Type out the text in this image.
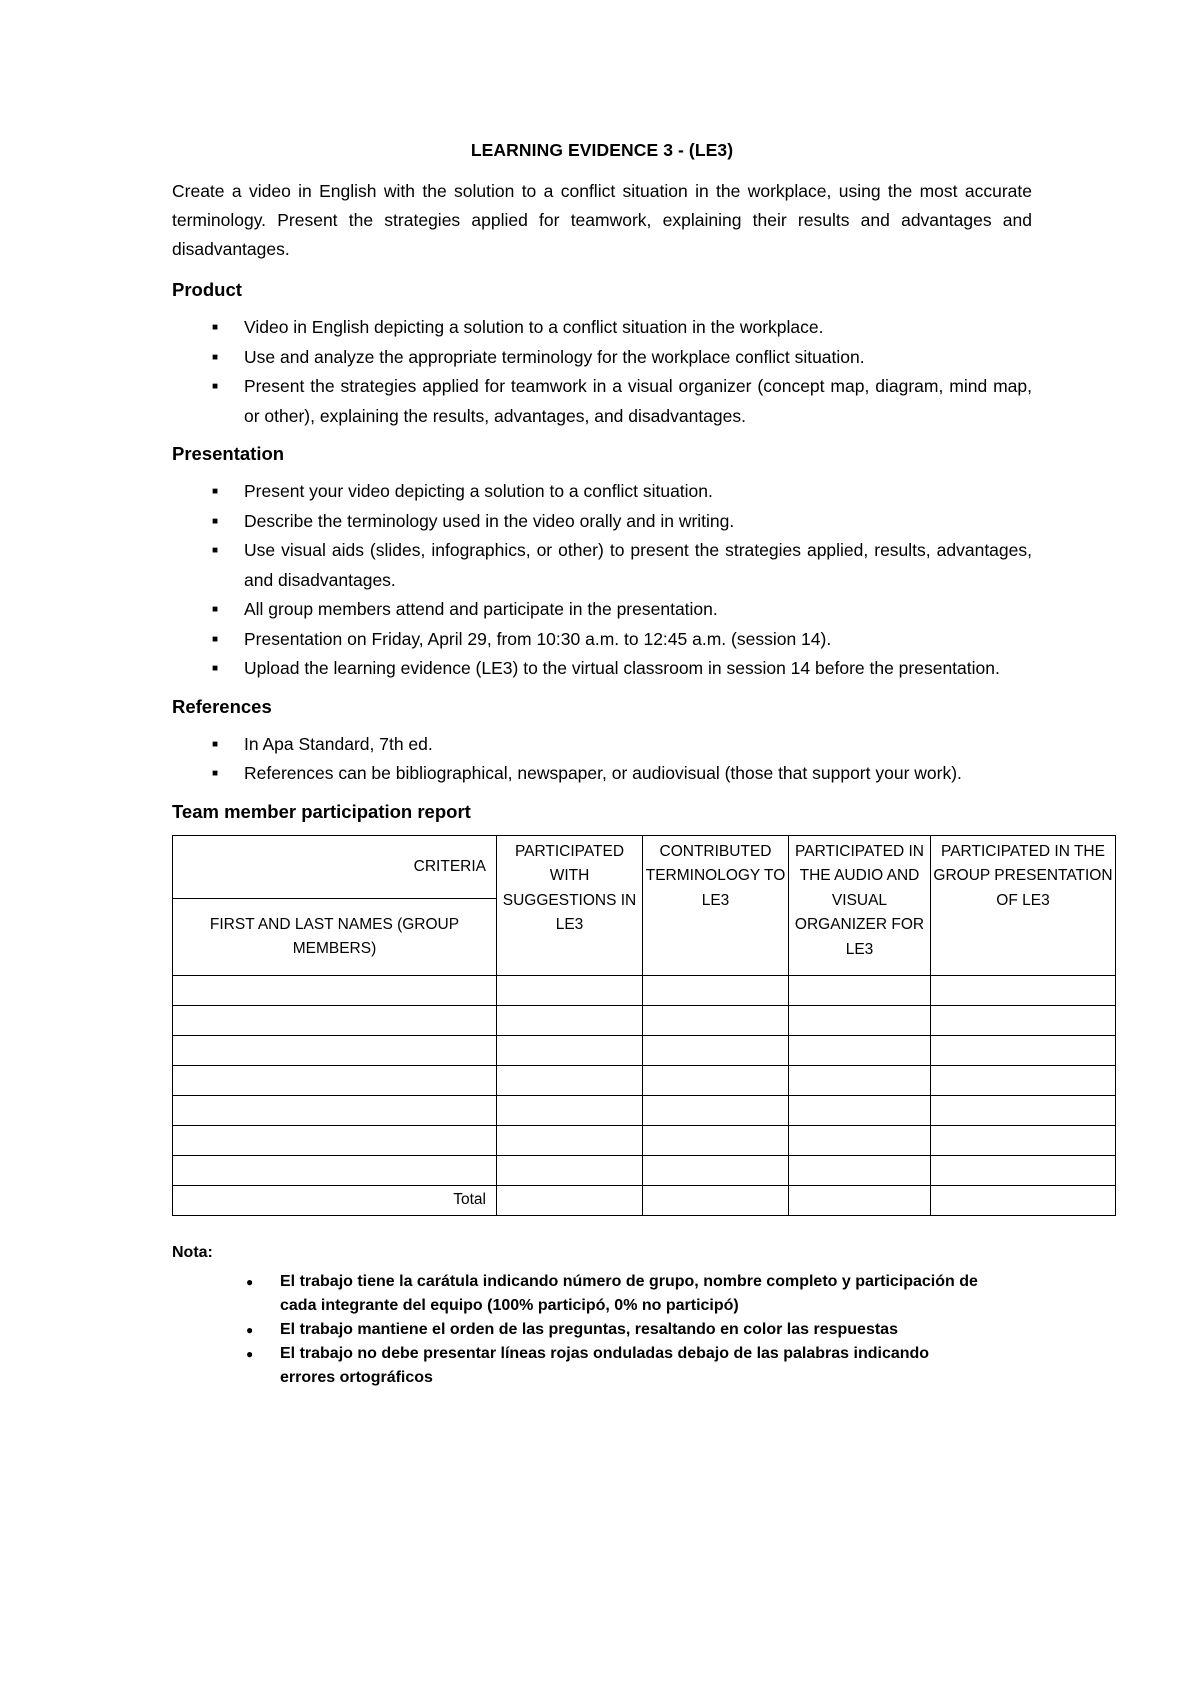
LEARNING EVIDENCE 3 - (LE3)

Create a video in English with the solution to a conflict situation in the workplace, using the most accurate terminology. Present the strategies applied for teamwork, explaining their results and advantages and disadvantages.

Product
■ Video in English depicting a solution to a conflict situation in the workplace.
■ Use and analyze the appropriate terminology for the workplace conflict situation.
■ Present the strategies applied for teamwork in a visual organizer (concept map, diagram, mind map, or other), explaining the results, advantages, and disadvantages.
Presentation
■ Present your video depicting a solution to a conflict situation.
■ Describe the terminology used in the video orally and in writing.
■ Use visual aids (slides, infographics, or other) to present the strategies applied, results, advantages, and disadvantages.
■ All group members attend and participate in the presentation.
■ Presentation on Friday, April 29, from 10:30 a.m. to 12:45 a.m. (session 14).
■ Upload the learning evidence (LE3) to the virtual classroom in session 14 before the presentation.
References
■ In Apa Standard, 7th ed.
■ References can be bibliographical, newspaper, or audiovisual (those that support your work).
Team member participation report
CRITERIA	PARTICIPATED WITH SUGGESTIONS IN LE3	CONTRIBUTED TERMINOLOGY TO LE3	PARTICIPATED IN THE AUDIO AND VISUAL ORGANIZER FOR LE3	PARTICIPATED IN THE GROUP PRESENTATION OF LE3
FIRST AND LAST NAMES (GROUP MEMBERS)				

Total				
Nota:
● El trabajo tiene la carátula indicando número de grupo, nombre completo y participación de cada integrante del equipo (100% participó, 0% no participó)
● El trabajo mantiene el orden de las preguntas, resaltando en color las respuestas
● El trabajo no debe presentar líneas rojas onduladas debajo de las palabras indicando errores ortográficos
